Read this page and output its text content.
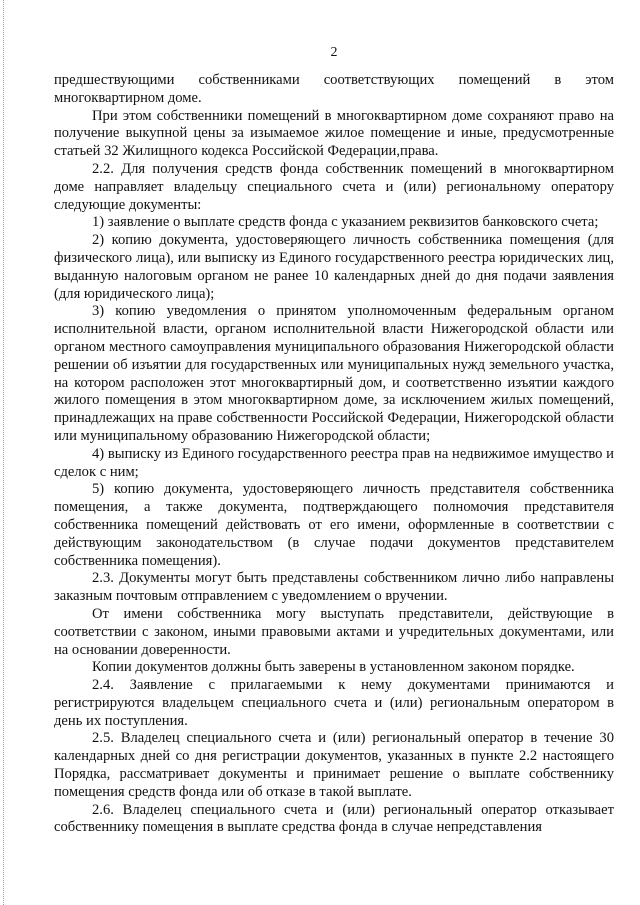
2

предшествующими собственниками соответствующих помещений в этом многоквартирном доме.

При этом собственники помещений в многоквартирном доме сохраняют право на получение выкупной цены за изымаемое жилое помещение и иные, предусмотренные статьей 32 Жилищного кодекса Российской Федерации,права.

2.2. Для получения средств фонда собственник помещений в многоквартирном доме направляет владельцу специального счета и (или) региональному оператору следующие документы:

1) заявление о выплате средств фонда с указанием реквизитов банковского счета;

2) копию документа, удостоверяющего личность собственника помещения (для физического лица), или выписку из Единого государственного реестра юридических лиц, выданную налоговым органом не ранее 10 календарных дней до дня подачи заявления (для юридического лица);

3) копию уведомления о принятом уполномоченным федеральным органом исполнительной власти, органом исполнительной власти Нижегородской области или органом местного самоуправления муниципального образования Нижегородской области решении об изъятии для государственных или муниципальных нужд земельного участка, на котором расположен этот многоквартирный дом, и соответственно изъятии каждого жилого помещения в этом многоквартирном доме, за исключением жилых помещений, принадлежащих на праве собственности Российской Федерации, Нижегородской области или муниципальному образованию Нижегородской области;

4) выписку из Единого государственного реестра прав на недвижимое имущество и сделок с ним;

5) копию документа, удостоверяющего личность представителя собственника помещения, а также документа, подтверждающего полномочия представителя собственника помещений действовать от его имени, оформленные в соответствии с действующим законодательством (в случае подачи документов представителем собственника помещения).

2.3. Документы могут быть представлены собственником лично либо направлены заказным почтовым отправлением с уведомлением о вручении.

От имени собственника могу выступать представители, действующие в соответствии с законом, иными правовыми актами и учредительных документами, или на основании доверенности.

Копии документов должны быть заверены в установленном законом порядке.

2.4. Заявление с прилагаемыми к нему документами принимаются и регистрируются владельцем специального счета и (или) региональным оператором в день их поступления.

2.5. Владелец специального счета и (или) региональный оператор в течение 30 календарных дней со дня регистрации документов, указанных в пункте 2.2 настоящего Порядка, рассматривает документы и принимает решение о выплате собственнику помещения средств фонда или об отказе в такой выплате.

2.6. Владелец специального счета и (или) региональный оператор отказывает собственнику помещения в выплате средства фонда в случае непредставления
